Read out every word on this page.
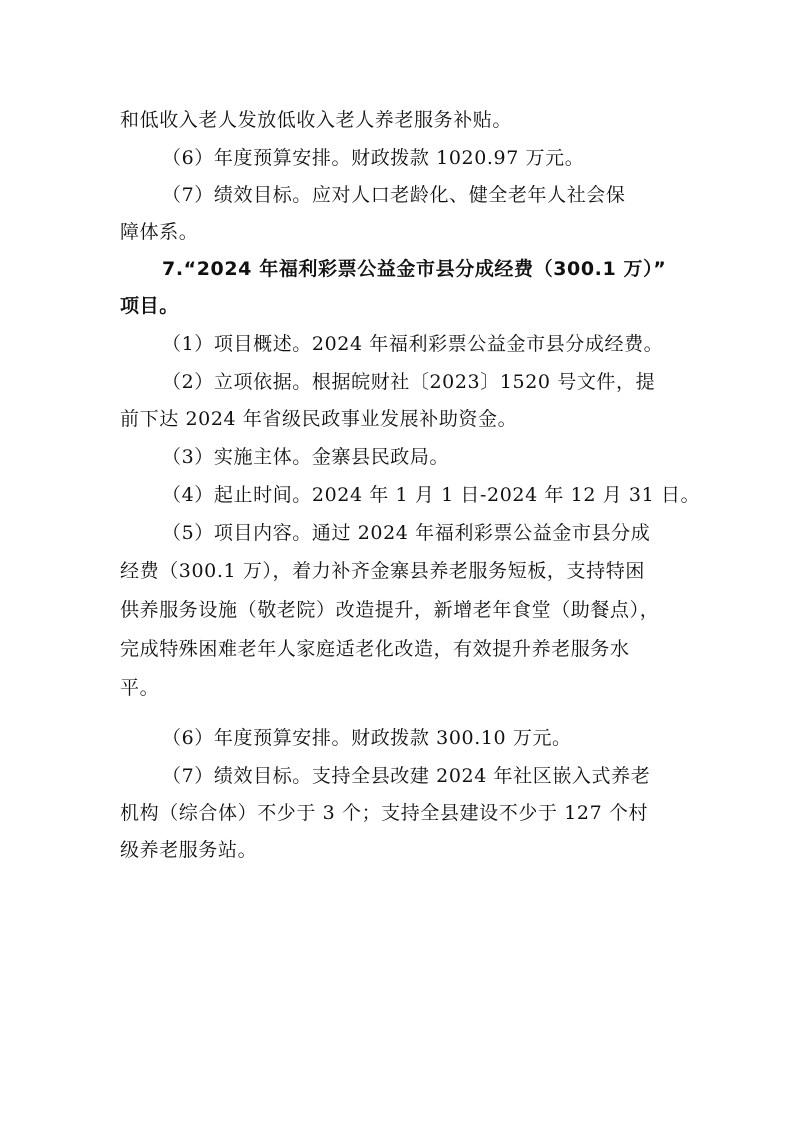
和低收入老人发放低收入老人养老服务补贴。
（6）年度预算安排。财政拨款 1020.97 万元。
（7）绩效目标。应对人口老龄化、健全老年人社会保
障体系。
7.“2024 年福利彩票公益金市县分成经费（300.1 万）”
项目。
（1）项目概述。2024 年福利彩票公益金市县分成经费。
（2）立项依据。根据皖财社〔2023〕1520 号文件，提
前下达 2024 年省级民政事业发展补助资金。
（3）实施主体。金寨县民政局。
（4）起止时间。2024 年 1 月 1 日-2024 年 12 月 31 日。
（5）项目内容。通过 2024 年福利彩票公益金市县分成
经费（300.1 万），着力补齐金寨县养老服务短板，支持特困
供养服务设施（敬老院）改造提升，新增老年食堂（助餐点），
完成特殊困难老年人家庭适老化改造，有效提升养老服务水
平。
（6）年度预算安排。财政拨款 300.10 万元。
（7）绩效目标。支持全县改建 2024 年社区嵌入式养老
机构（综合体）不少于 3 个；支持全县建设不少于 127 个村
级养老服务站。
